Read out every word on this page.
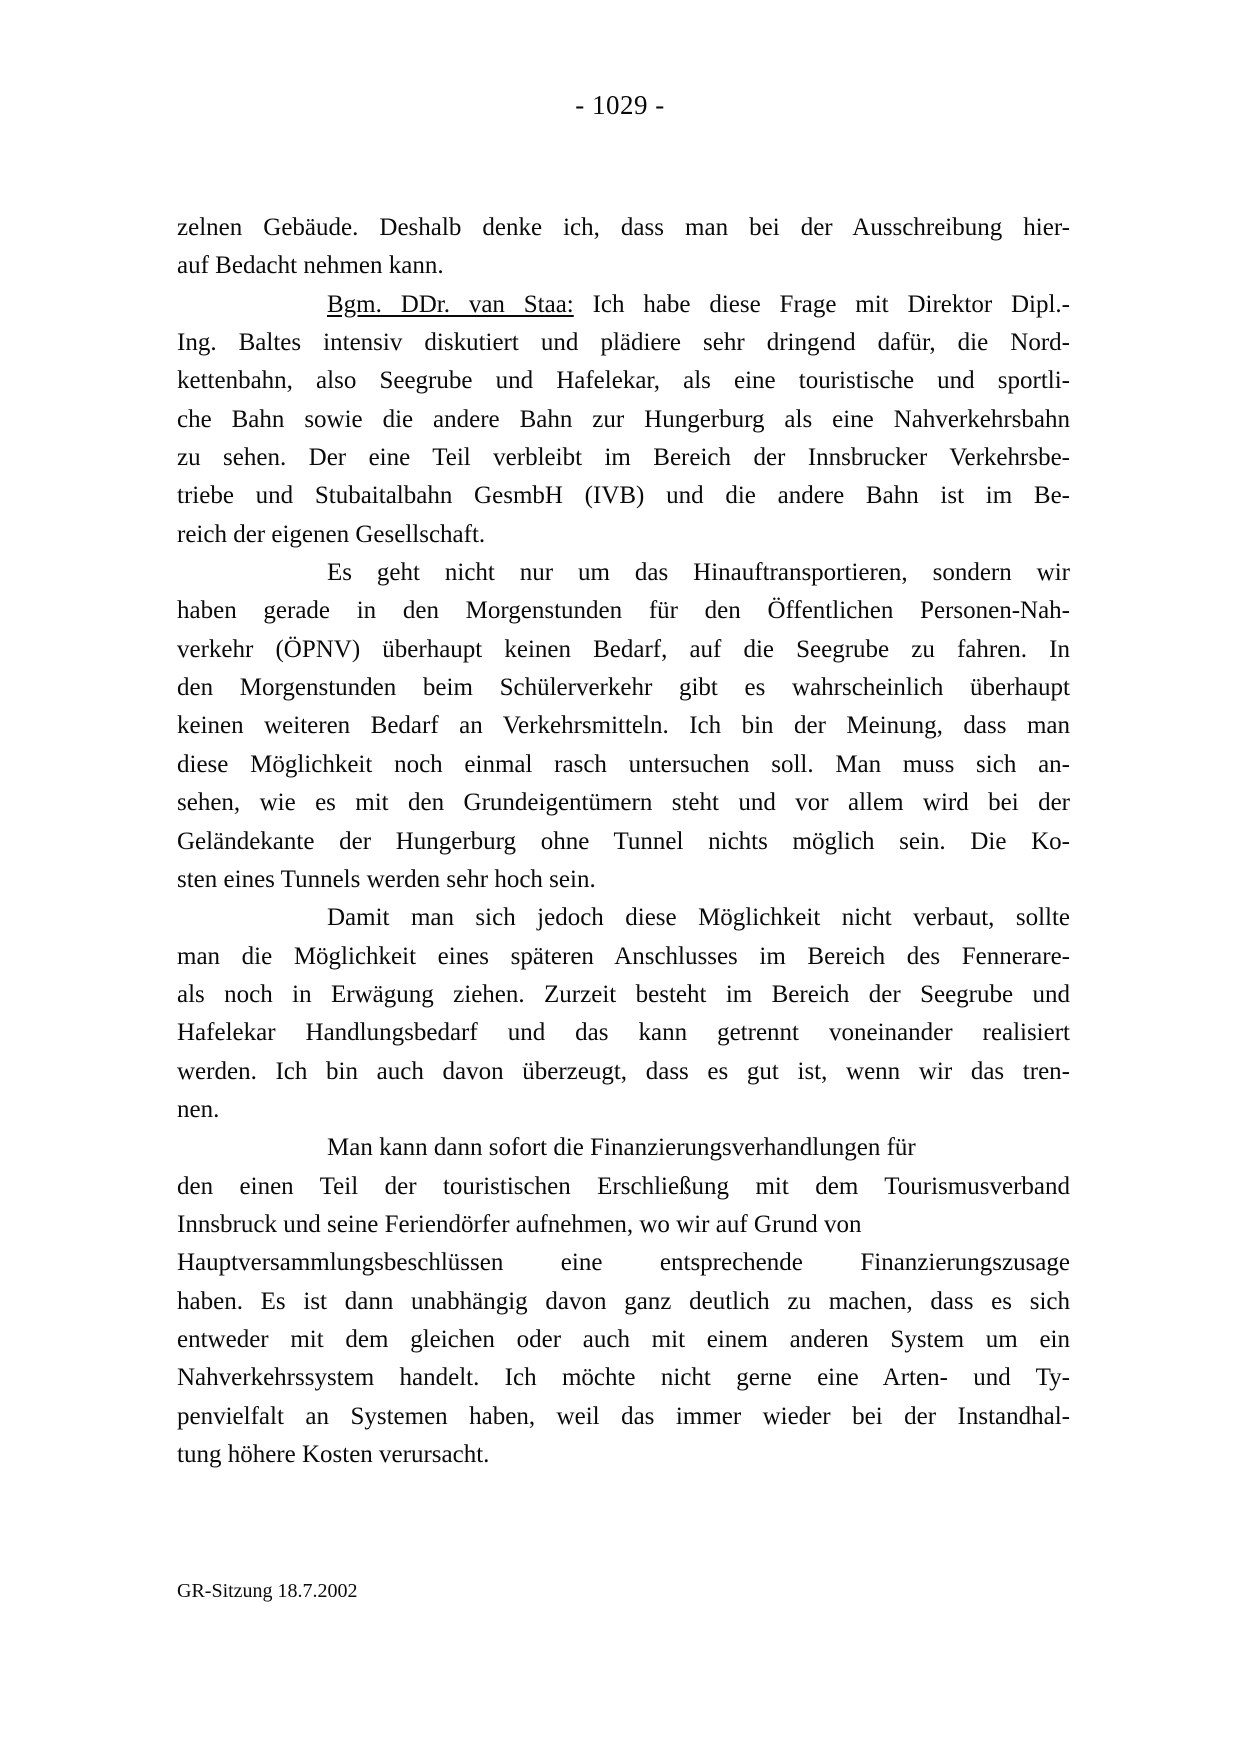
- 1029 -
zelnen Gebäude. Deshalb denke ich, dass man bei der Ausschreibung hier-
auf Bedacht nehmen kann.
Bgm. DDr. van Staa: Ich habe diese Frage mit Direktor Dipl.-
Ing. Baltes intensiv diskutiert und plädiere sehr dringend dafür, die Nord-
kettenbahn, also Seegrube und Hafelekar, als eine touristische und sportli-
che Bahn sowie die andere Bahn zur Hungerburg als eine Nahverkehrsbahn
zu sehen. Der eine Teil verbleibt im Bereich der Innsbrucker Verkehrsbe-
triebe und Stubaitalbahn GesmbH (IVB) und die andere Bahn ist im Be-
reich der eigenen Gesellschaft.
Es geht nicht nur um das Hinauftransportieren, sondern wir
haben gerade in den Morgenstunden für den Öffentlichen Personen-Nah-
verkehr (ÖPNV) überhaupt keinen Bedarf, auf die Seegrube zu fahren. In
den Morgenstunden beim Schülerverkehr gibt es wahrscheinlich überhaupt
keinen weiteren Bedarf an Verkehrsmitteln. Ich bin der Meinung, dass man
diese Möglichkeit noch einmal rasch untersuchen soll. Man muss sich an-
sehen, wie es mit den Grundeigentümern steht und vor allem wird bei der
Geländekante der Hungerburg ohne Tunnel nichts möglich sein. Die Ko-
sten eines Tunnels werden sehr hoch sein.
Damit man sich jedoch diese Möglichkeit nicht verbaut, sollte
man die Möglichkeit eines späteren Anschlusses im Bereich des Fennerare-
als noch in Erwägung ziehen. Zurzeit besteht im Bereich der Seegrube und
Hafelekar Handlungsbedarf und das kann getrennt voneinander realisiert
werden. Ich bin auch davon überzeugt, dass es gut ist, wenn wir das tren-
nen.
Man kann dann sofort die Finanzierungsverhandlungen für
den einen Teil der touristischen Erschließung mit dem Tourismusverband
Innsbruck und seine Feriendörfer aufnehmen, wo wir auf Grund von
Hauptversammlungsbeschlüssen eine entsprechende Finanzierungszusage
haben. Es ist dann unabhängig davon ganz deutlich zu machen, dass es sich
entweder mit dem gleichen oder auch mit einem anderen System um ein
Nahverkehrssystem handelt. Ich möchte nicht gerne eine Arten- und Ty-
penvielfalt an Systemen haben, weil das immer wieder bei der Instandhal-
tung höhere Kosten verursacht.
GR-Sitzung 18.7.2002
